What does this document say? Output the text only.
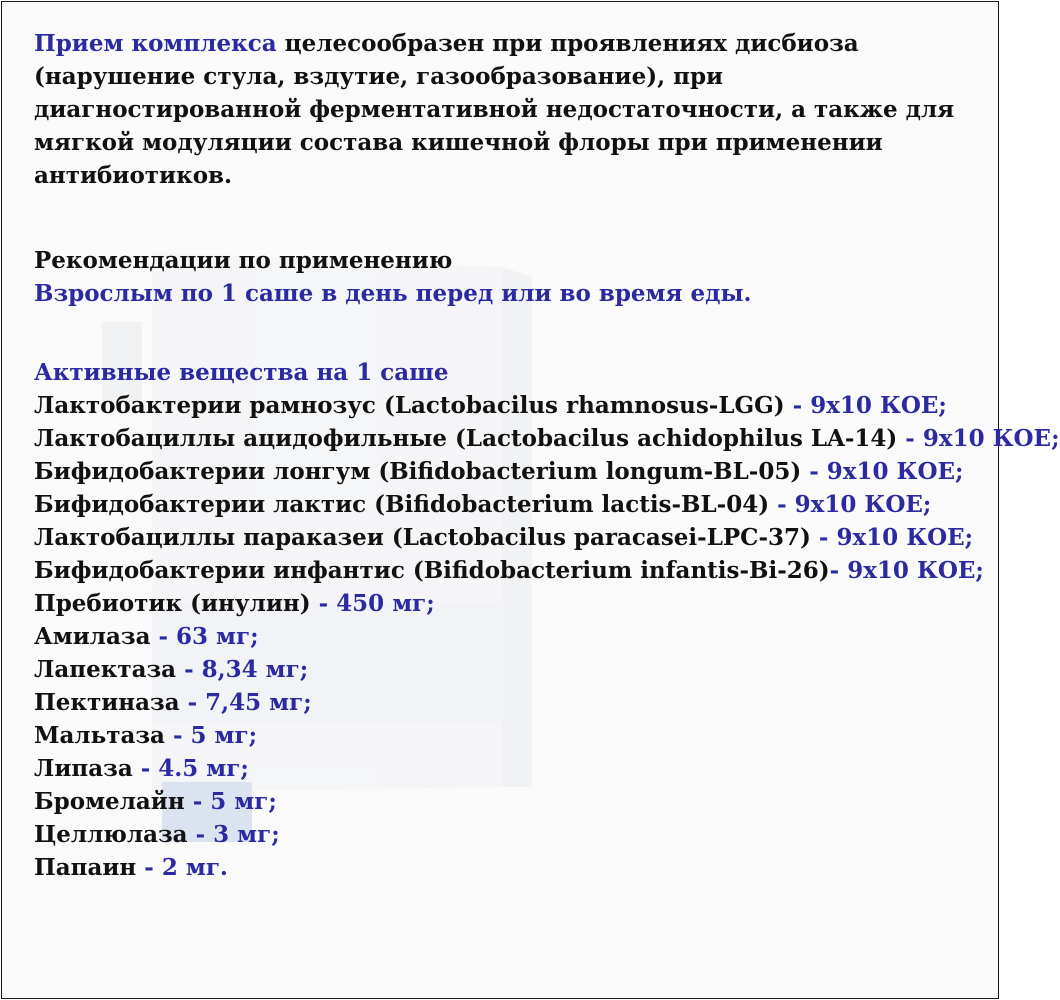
Прием комплекса целесообразен при проявлениях дисбиоза (нарушение стула, вздутие, газообразование), при диагностированной ферментативной недостаточности, а также для мягкой модуляции состава кишечной флоры при применении антибиотиков.

Рекомендации по применению

Взрослым по 1 саше в день перед или во время еды.

Активные вещества на 1 саше

Лактобактерии рамнозус (Lactobacilus rhamnosus-LGG) - 9х10 КОЕ;
Лактобациллы ацидофильные (Lactobacilus achidophilus LA-14) - 9х10 КОЕ;
Бифидобактерии лонгум (Bifidobacterium longum-BL-05) - 9х10 КОЕ;
Бифидобактерии лактис (Bifidobacterium lactis-BL-04) - 9х10 КОЕ;
Лактобациллы параказеи (Lactobacilus paracasei-LPC-37) - 9х10 КОЕ;
Бифидобактерии инфантис (Bifidobacterium infantis-Bi-26)- 9х10 КОЕ;
Пребиотик (инулин) - 450 мг;
Амилаза - 63 мг;
Лапектаза - 8,34 мг;
Пектиназа - 7,45 мг;
Мальтаза - 5 мг;
Липаза - 4.5 мг;
Бромелайн - 5 мг;
Целлюлаза - 3 мг;
Папаин - 2 мг.
